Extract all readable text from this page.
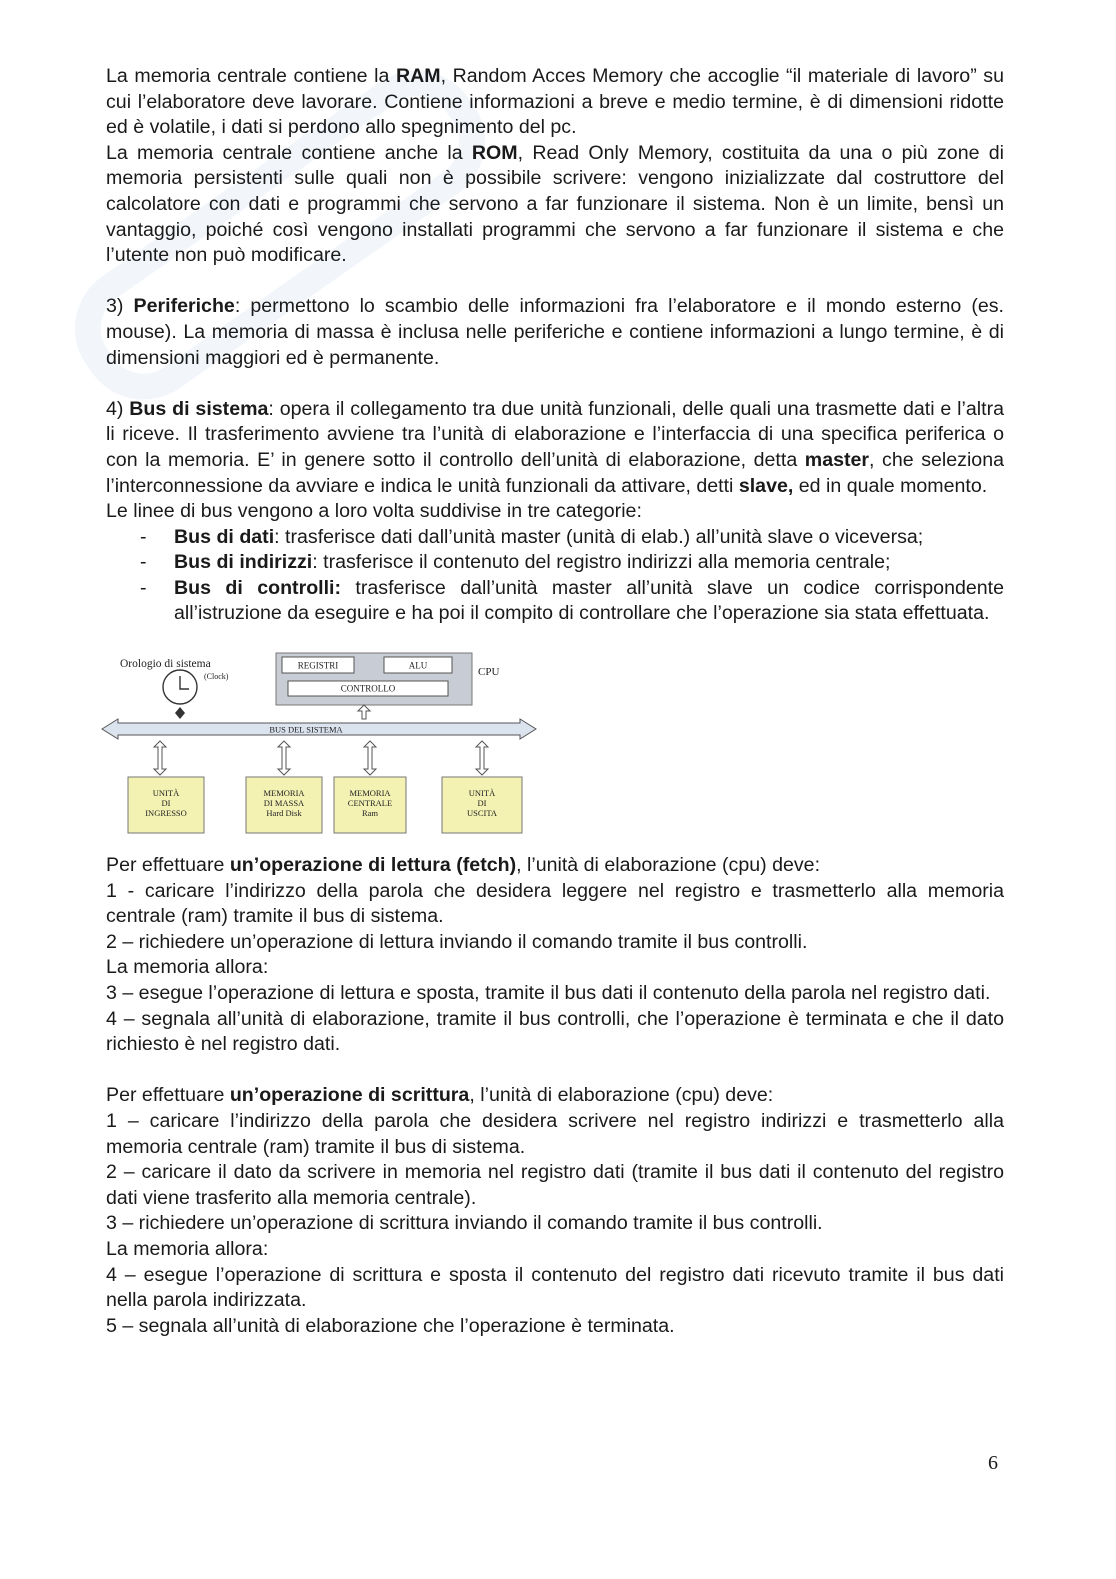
La memoria centrale contiene la RAM, Random Acces Memory che accoglie “il materiale di lavoro” su cui l’elaboratore deve lavorare. Contiene informazioni a breve e medio termine, è di dimensioni ridotte ed è volatile, i dati si perdono allo spegnimento del pc.

La memoria centrale contiene anche la ROM, Read Only Memory, costituita da una o più zone di memoria persistenti sulle quali non è possibile scrivere: vengono inizializzate dal costruttore del calcolatore con dati e programmi che servono a far funzionare il sistema. Non è un limite, bensì un vantaggio, poiché così vengono installati programmi che servono a far funzionare il sistema e che l’utente non può modificare.

3) Periferiche: permettono lo scambio delle informazioni fra l’elaboratore e il mondo esterno (es. mouse). La memoria di massa è inclusa nelle periferiche e contiene informazioni a lungo termine, è di dimensioni maggiori ed è permanente.

4) Bus di sistema: opera il collegamento tra due unità funzionali, delle quali una trasmette dati e l’altra li riceve. Il trasferimento avviene tra l’unità di elaborazione e l’interfaccia di una specifica periferica o con la memoria. E’ in genere sotto il controllo dell’unità di elaborazione, detta master, che seleziona l’interconnessione da avviare e indica le unità funzionali da attivare, detti slave, ed in quale momento.

Le linee di bus vengono a loro volta suddivise in tre categorie:

- Bus di dati: trasferisce dati dall’unità master (unità di elab.) all’unità slave o viceversa;
- Bus di indirizzi: trasferisce il contenuto del registro indirizzi alla memoria centrale;
- Bus di controlli: trasferisce dall’unità master all’unità slave un codice corrispondente all’istruzione da eseguire e ha poi il compito di controllare che l’operazione sia stata effettuata.
Orologio di sistema
(Clock)
REGISTRI	ALU
CONTROLLO
CPU
BUS DEL SISTEMA
UNITÀ
DI
INGRESSO
MEMORIA
DI MASSA
Hard Disk
MEMORIA
CENTRALE
Ram
UNITÀ
DI
USCITA

Per effettuare un’operazione di lettura (fetch), l’unità di elaborazione (cpu) deve:

1 - caricare l’indirizzo della parola che desidera leggere nel registro e trasmetterlo alla memoria centrale (ram) tramite il bus di sistema.

2 – richiedere un’operazione di lettura inviando il comando tramite il bus controlli.

La memoria allora:

3 – esegue l’operazione di lettura e sposta, tramite il bus dati il contenuto della parola nel registro dati.

4 – segnala all’unità di elaborazione, tramite il bus controlli, che l’operazione è terminata e che il dato richiesto è nel registro dati.

Per effettuare un’operazione di scrittura, l’unità di elaborazione (cpu) deve:

1 – caricare l’indirizzo della parola che desidera scrivere nel registro indirizzi e trasmetterlo alla memoria centrale (ram) tramite il bus di sistema.

2 – caricare il dato da scrivere in memoria nel registro dati (tramite il bus dati il contenuto del registro dati viene trasferito alla memoria centrale).

3 – richiedere un’operazione di scrittura inviando il comando tramite il bus controlli.

La memoria allora:

4 – esegue l’operazione di scrittura e sposta il contenuto del registro dati ricevuto tramite il bus dati nella parola indirizzata.

5 – segnala all’unità di elaborazione che l’operazione è terminata.

6
